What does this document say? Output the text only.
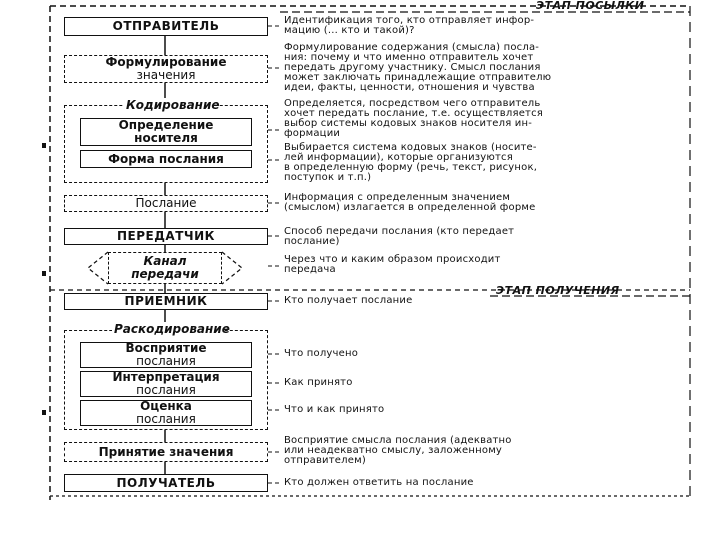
ЭТАП ПОСЫЛКИ
ЭТАП ПОЛУЧЕНИЯ
ОТПРАВИТЕЛЬ
Формулирование
значения
Кодирование
Определение
носителя
Форма послания
Послание
ПЕРЕДАТЧИК
Канал
передачи
ПРИЕМНИК
Раскодирование
Восприятие
послания
Интерпретация
послания
Оценка
послания
Принятие значения
ПОЛУЧАТЕЛЬ
Идентификация того, кто отправляет инфор-
мацию (... кто и такой)?
Формулирование содержания (смысла) посла-
ния: почему и что именно отправитель хочет
передать другому участнику. Смысл послания
может заключать принадлежащие отправителю
идеи, факты, ценности, отношения и чувства
Определяется, посредством чего отправитель
хочет передать послание, т.е. осуществляется
выбор системы кодовых знаков носителя ин-
формации
Выбирается система кодовых знаков (носите-
лей информации), которые организуются
в определенную форму (речь, текст, рисунок,
поступок и т.п.)
Информация с определенным значением
(смыслом) излагается в определенной форме
Способ передачи послания (кто передает
послание)
Через что и каким образом происходит
передача
Кто получает послание
Что получено
Как принято
Что и как принято
Восприятие смысла послания (адекватно
или неадекватно смыслу, заложенному
отправителем)
Кто должен ответить на послание
